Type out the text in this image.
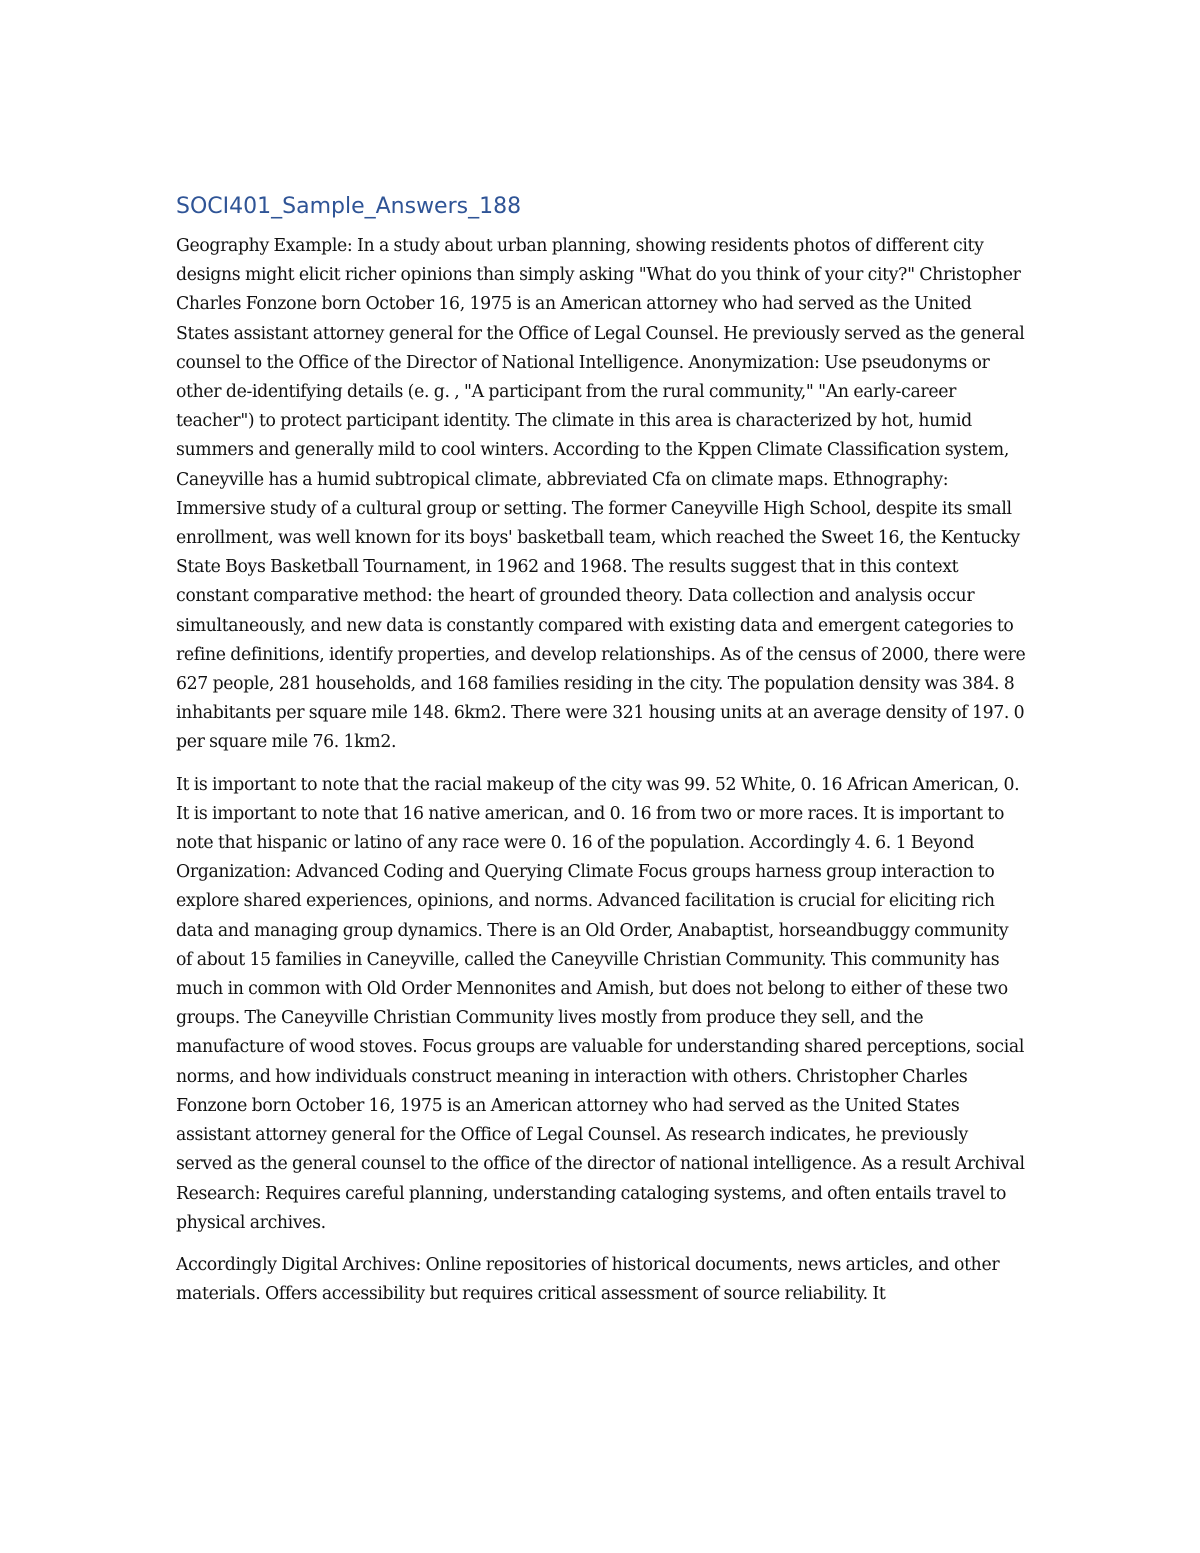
SOCI401_Sample_Answers_188

Geography Example: In a study about urban planning, showing residents photos of different city designs might elicit richer opinions than simply asking "What do you think of your city?" Christopher Charles Fonzone born October 16, 1975 is an American attorney who had served as the United States assistant attorney general for the Office of Legal Counsel. He previously served as the general counsel to the Office of the Director of National Intelligence. Anonymization: Use pseudonyms or other de-identifying details (e. g. , "A participant from the rural community," "An early-career teacher") to protect participant identity. The climate in this area is characterized by hot, humid summers and generally mild to cool winters. According to the Kppen Climate Classification system, Caneyville has a humid subtropical climate, abbreviated Cfa on climate maps. Ethnography: Immersive study of a cultural group or setting. The former Caneyville High School, despite its small enrollment, was well known for its boys' basketball team, which reached the Sweet 16, the Kentucky State Boys Basketball Tournament, in 1962 and 1968. The results suggest that in this context constant comparative method: the heart of grounded theory. Data collection and analysis occur simultaneously, and new data is constantly compared with existing data and emergent categories to refine definitions, identify properties, and develop relationships. As of the census of 2000, there were 627 people, 281 households, and 168 families residing in the city. The population density was 384. 8 inhabitants per square mile 148. 6km2. There were 321 housing units at an average density of 197. 0 per square mile 76. 1km2.

It is important to note that the racial makeup of the city was 99. 52 White, 0. 16 African American, 0. It is important to note that 16 native american, and 0. 16 from two or more races. It is important to note that hispanic or latino of any race were 0. 16 of the population. Accordingly 4. 6. 1 Beyond Organization: Advanced Coding and Querying Climate Focus groups harness group interaction to explore shared experiences, opinions, and norms. Advanced facilitation is crucial for eliciting rich data and managing group dynamics. There is an Old Order, Anabaptist, horseandbuggy community of about 15 families in Caneyville, called the Caneyville Christian Community. This community has much in common with Old Order Mennonites and Amish, but does not belong to either of these two groups. The Caneyville Christian Community lives mostly from produce they sell, and the manufacture of wood stoves. Focus groups are valuable for understanding shared perceptions, social norms, and how individuals construct meaning in interaction with others. Christopher Charles Fonzone born October 16, 1975 is an American attorney who had served as the United States assistant attorney general for the Office of Legal Counsel. As research indicates, he previously served as the general counsel to the office of the director of national intelligence. As a result Archival Research: Requires careful planning, understanding cataloging systems, and often entails travel to physical archives.

Accordingly Digital Archives: Online repositories of historical documents, news articles, and other materials. Offers accessibility but requires critical assessment of source reliability. It
